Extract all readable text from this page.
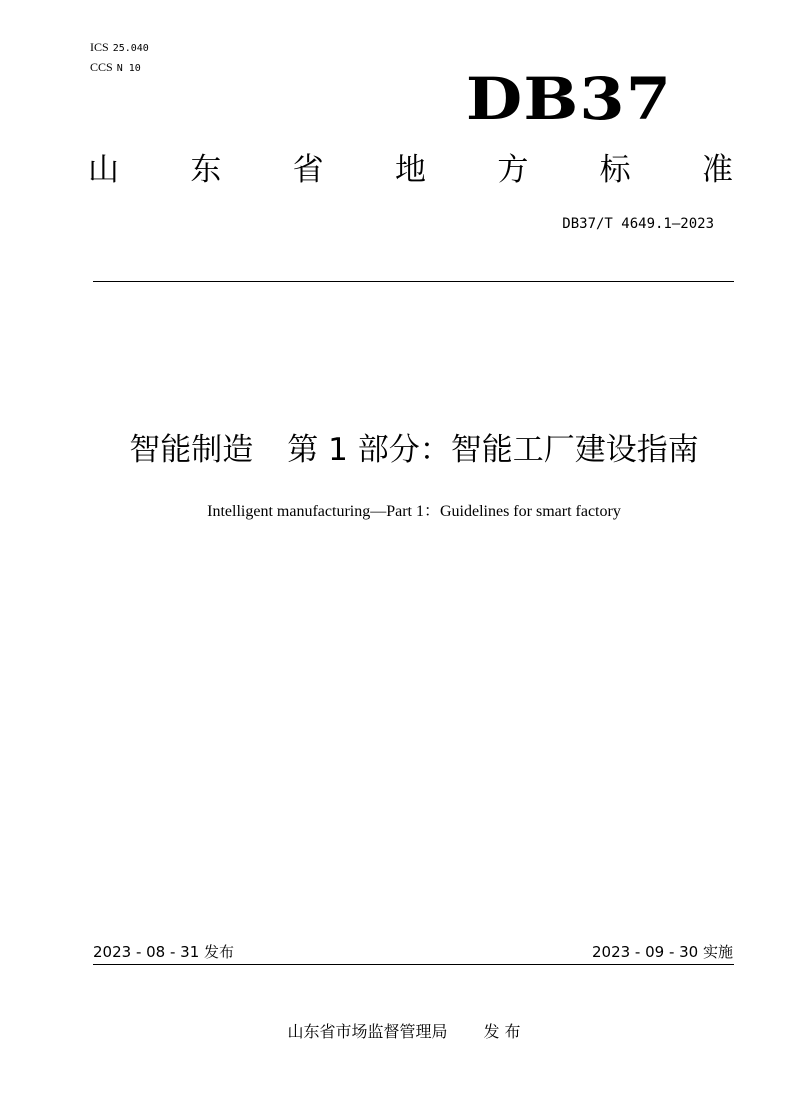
ICS 25.040
CCS N 10	DB37
山 东 省 地 方 标 准
DB37/T 4649.1—2023
智能制造 第 1 部分：智能工厂建设指南
Intelligent manufacturing—Part 1：Guidelines for smart factory
2023 - 08 - 31 发布	2023 - 09 - 30 实施
山东省市场监督管理局 发 布
